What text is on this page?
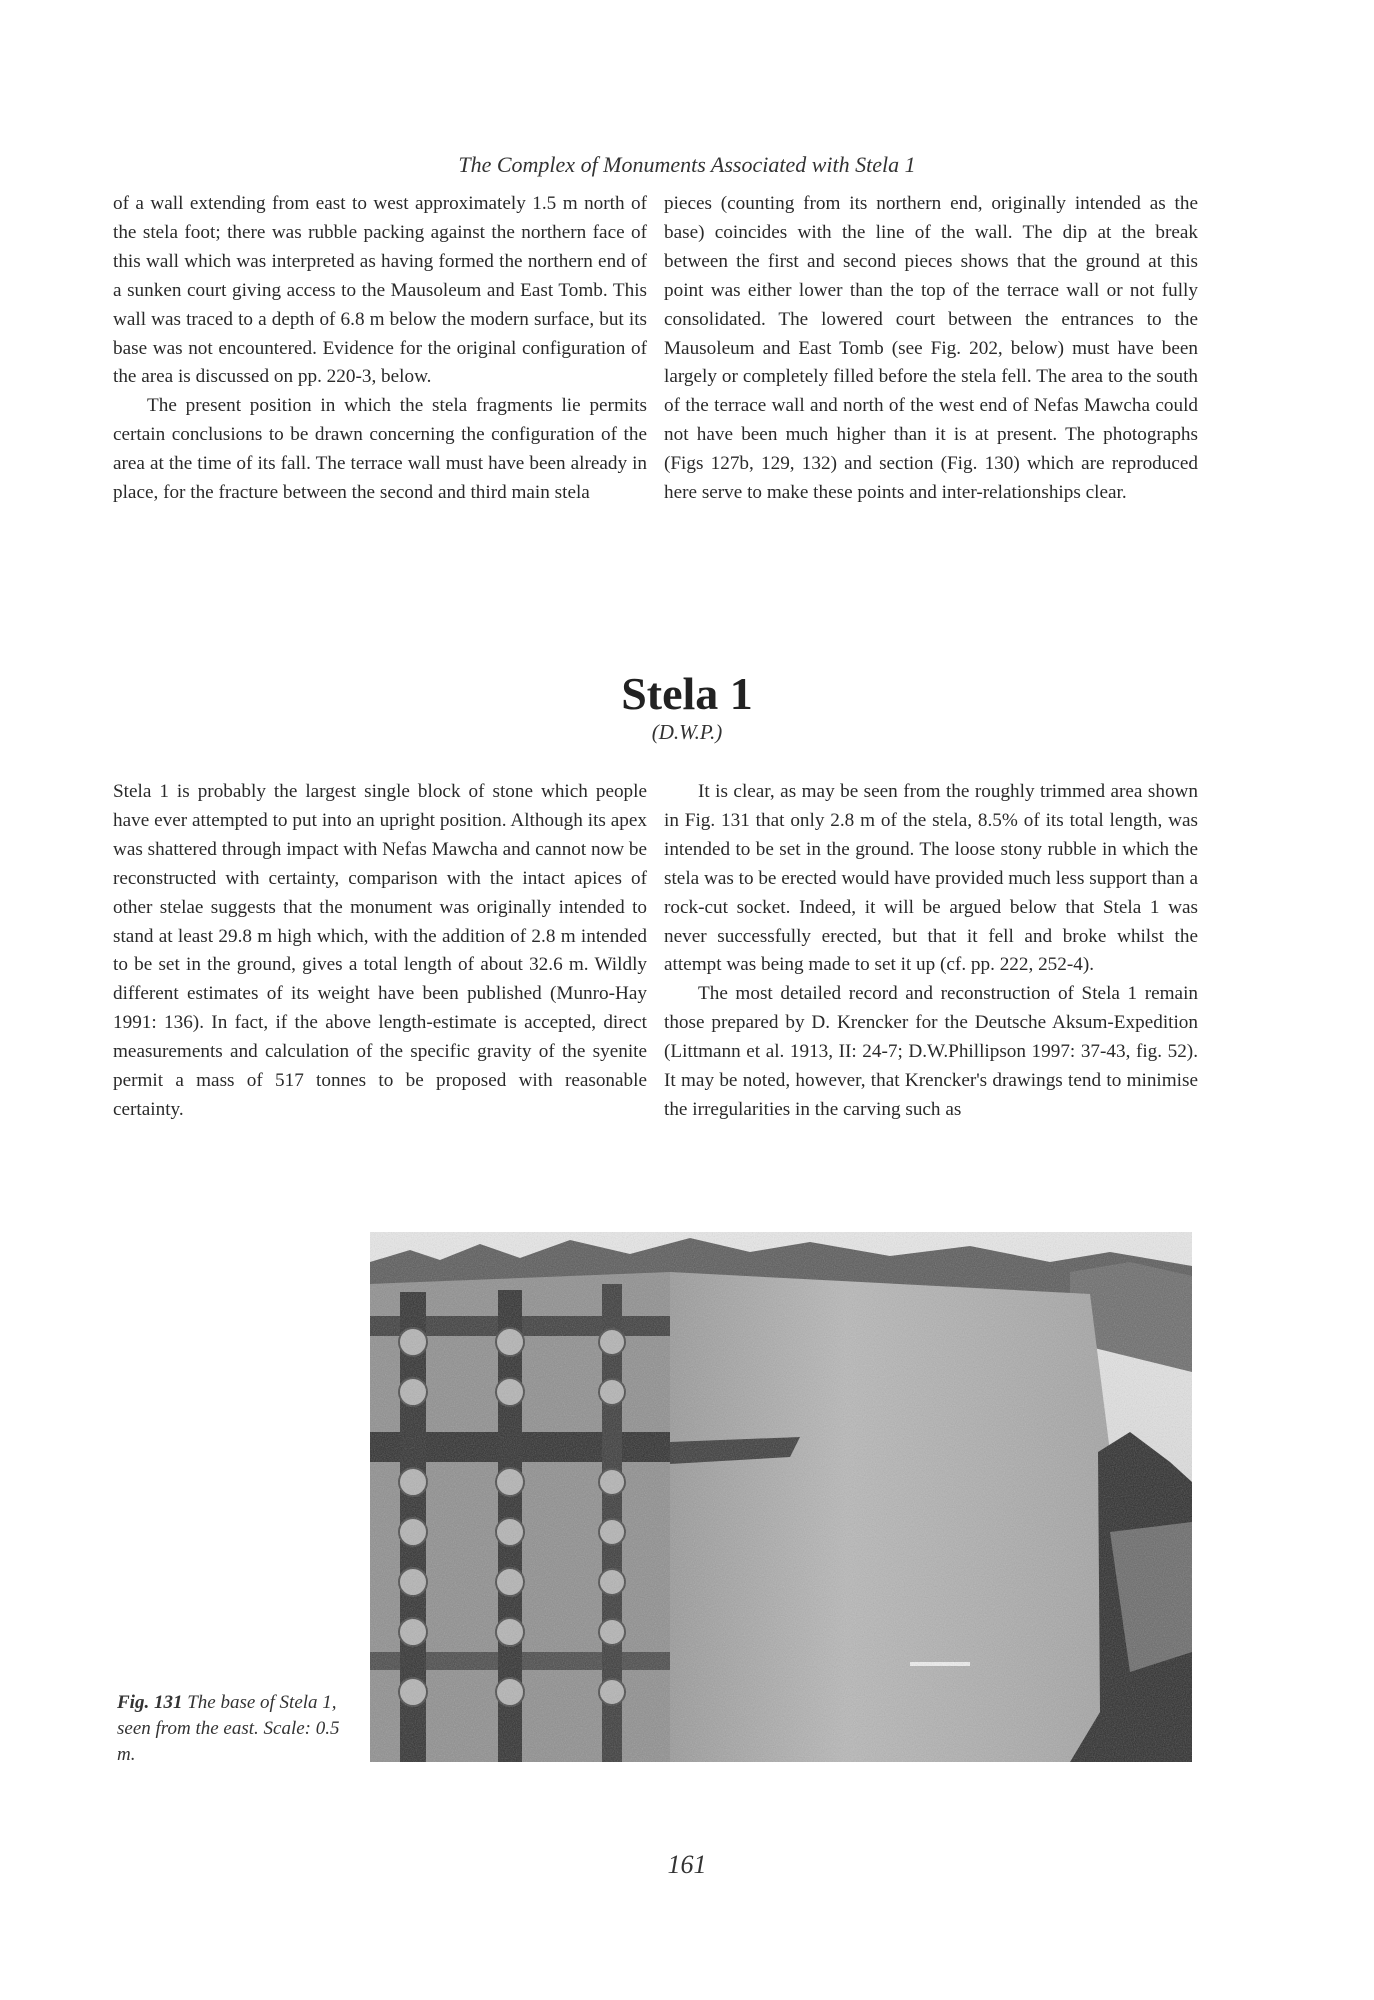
The Complex of Monuments Associated with Stela 1

of a wall extending from east to west approximately 1.5 m north of the stela foot; there was rubble packing against the northern face of this wall which was interpreted as having formed the northern end of a sunken court giving access to the Mausoleum and East Tomb. This wall was traced to a depth of 6.8 m below the modern surface, but its base was not encountered. Evidence for the original configuration of the area is discussed on pp. 220-3, below.

The present position in which the stela fragments lie permits certain conclusions to be drawn concerning the configuration of the area at the time of its fall. The terrace wall must have been already in place, for the fracture between the second and third main stela

pieces (counting from its northern end, originally intended as the base) coincides with the line of the wall. The dip at the break between the first and second pieces shows that the ground at this point was either lower than the top of the terrace wall or not fully consolidated. The lowered court between the entrances to the Mausoleum and East Tomb (see Fig. 202, below) must have been largely or completely filled before the stela fell. The area to the south of the terrace wall and north of the west end of Nefas Mawcha could not have been much higher than it is at present. The photographs (Figs 127b, 129, 132) and section (Fig. 130) which are reproduced here serve to make these points and inter-relationships clear.

Stela 1
(D.W.P.)

Stela 1 is probably the largest single block of stone which people have ever attempted to put into an upright position. Although its apex was shattered through impact with Nefas Mawcha and cannot now be reconstructed with certainty, comparison with the intact apices of other stelae suggests that the monument was originally intended to stand at least 29.8 m high which, with the addition of 2.8 m intended to be set in the ground, gives a total length of about 32.6 m. Wildly different estimates of its weight have been published (Munro-Hay 1991: 136). In fact, if the above length-estimate is accepted, direct measurements and calculation of the specific gravity of the syenite permit a mass of 517 tonnes to be proposed with reasonable certainty.

It is clear, as may be seen from the roughly trimmed area shown in Fig. 131 that only 2.8 m of the stela, 8.5% of its total length, was intended to be set in the ground. The loose stony rubble in which the stela was to be erected would have provided much less support than a rock-cut socket. Indeed, it will be argued below that Stela 1 was never successfully erected, but that it fell and broke whilst the attempt was being made to set it up (cf. pp. 222, 252-4).

The most detailed record and reconstruction of Stela 1 remain those prepared by D. Krencker for the Deutsche Aksum-Expedition (Littmann et al. 1913, II: 24-7; D.W.Phillipson 1997: 37-43, fig. 52). It may be noted, however, that Krencker's drawings tend to minimise the irregularities in the carving such as

Fig. 131 The base of Stela 1, seen from the east. Scale: 0.5 m.
161
